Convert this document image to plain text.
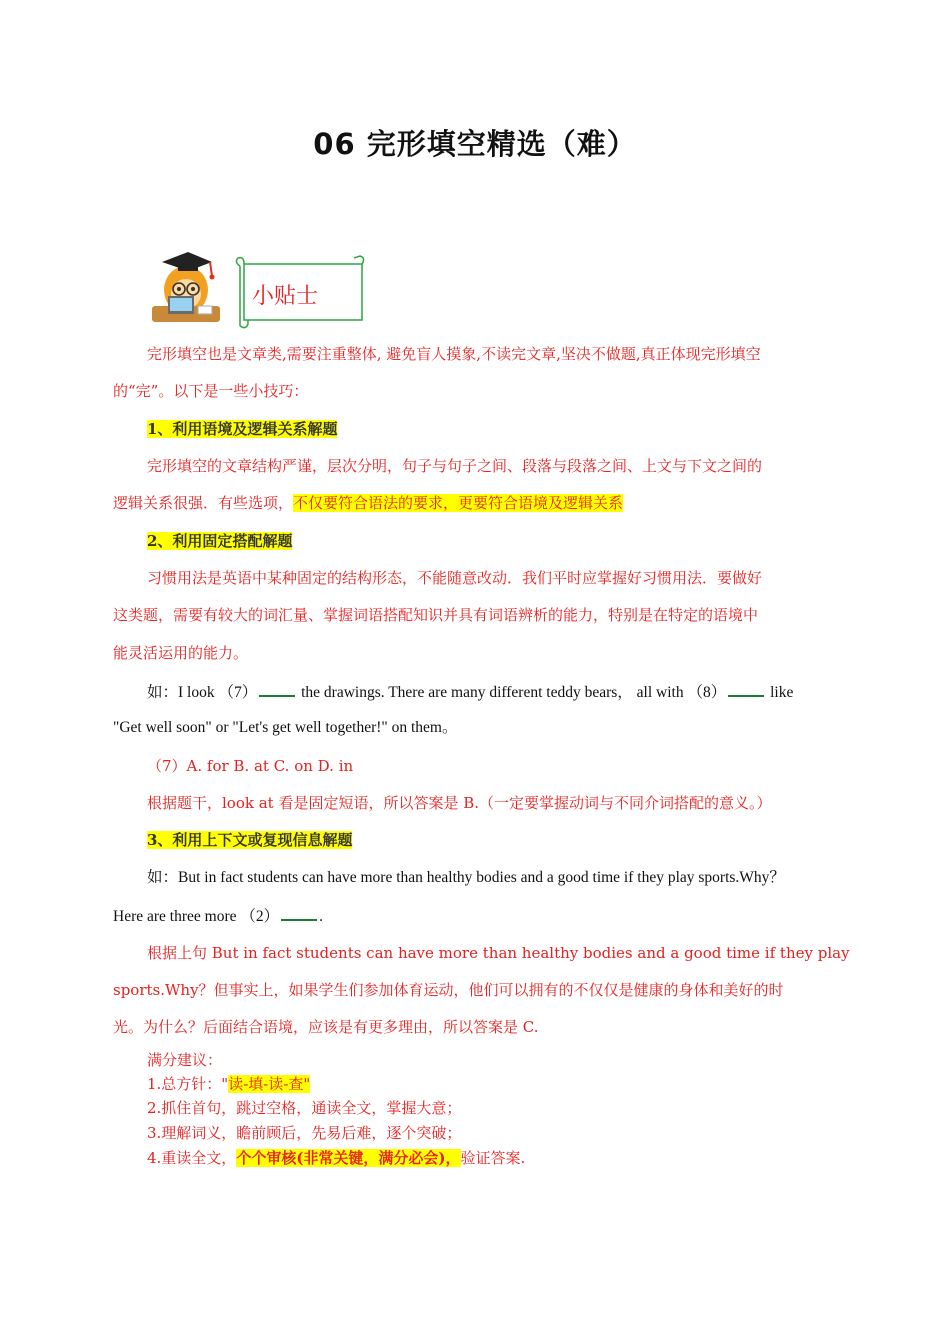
06 完形填空精选（难）
小贴士
完形填空也是文章类,需要注重整体, 避免盲人摸象,不读完文章,坚决不做题,真正体现完形填空
的“完”。以下是一些小技巧：
1、利用语境及逻辑关系解题
完形填空的文章结构严谨，层次分明，句子与句子之间、段落与段落之间、上文与下文之间的
逻辑关系很强．有些选项，不仅要符合语法的要求，更要符合语境及逻辑关系
2、利用固定搭配解题
习惯用法是英语中某种固定的结构形态，不能随意改动．我们平时应掌握好习惯用法．要做好
这类题，需要有较大的词汇量、掌握词语搭配知识并具有词语辨析的能力，特别是在特定的语境中
能灵活运用的能力。
如：I look （7）	the drawings. There are many different teddy bears， all with （8）	like
"Get well soon" or "Let's get well together!" on them。
（7）A. for B. at C. on D. in
根据题干，look at 看是固定短语，所以答案是 B.（一定要掌握动词与不同介词搭配的意义。）
3、利用上下文或复现信息解题
如：But in fact students can have more than healthy bodies and a good time if they play sports.Why？
Here are three more （2）	.
根据上句 But in fact students can have more than healthy bodies and a good time if they play
sports.Why？但事实上，如果学生们参加体育运动，他们可以拥有的不仅仅是健康的身体和美好的时
光。为什么？后面结合语境，应该是有更多理由，所以答案是 C.
满分建议：
1.总方针："读-填-读-查"
2.抓住首句，跳过空格，通读全文，掌握大意；
3.理解词义，瞻前顾后，先易后难，逐个突破；
4.重读全文，个个审核(非常关键，满分必会)，验证答案.
